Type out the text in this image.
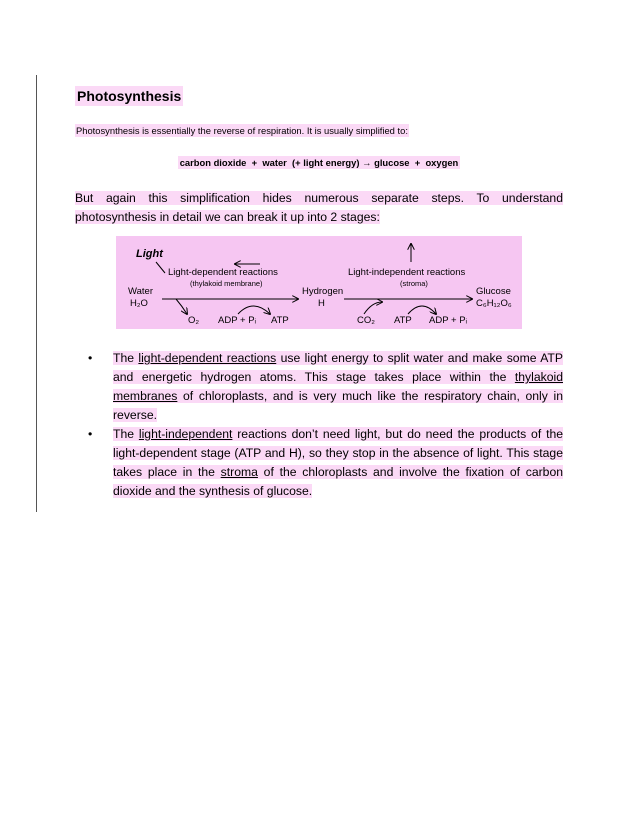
Photosynthesis
Photosynthesis is essentially the reverse of respiration. It is usually simplified to:
carbon dioxide + water (+ light energy) → glucose + oxygen
But again this simplification hides numerous separate steps. To understand photosynthesis in detail we can break it up into 2 stages:
Light
Light-dependent reactions
(thylakoid membrane)
Light-independent reactions
(stroma)
Water
H₂O
Hydrogen
H
Glucose
C₆H₁₂O₆
O₂ ADP + Pᵢ ATP	CO₂ ATP ADP + Pᵢ
• The light-dependent reactions use light energy to split water and make some ATP and energetic hydrogen atoms. This stage takes place within the thylakoid membranes of chloroplasts, and is very much like the respiratory chain, only in reverse.
• The light-independent reactions don’t need light, but do need the products of the light-dependent stage (ATP and H), so they stop in the absence of light. This stage takes place in the stroma of the chloroplasts and involve the fixation of carbon dioxide and the synthesis of glucose.
